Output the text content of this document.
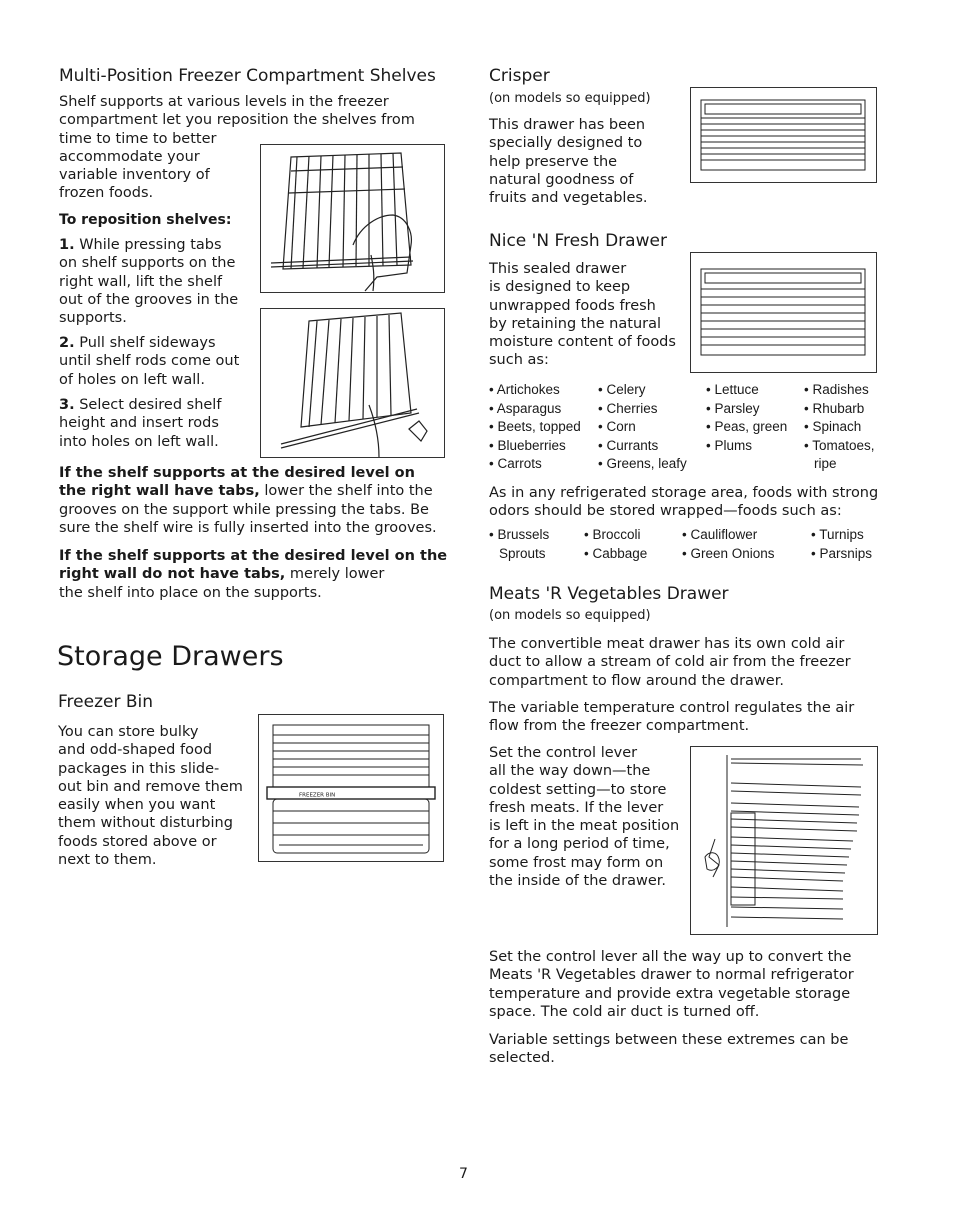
Multi-Position Freezer Compartment Shelves
Shelf supports at various levels in the freezer
compartment let you reposition the shelves from
time to time to better
accommodate your
variable inventory of
frozen foods.
To reposition shelves:
1. While pressing tabs
on shelf supports on the
right wall, lift the shelf
out of the grooves in the
supports.
2. Pull shelf sideways
until shelf rods come out
of holes on left wall.
3. Select desired shelf
height and insert rods
into holes on left wall.
If the shelf supports at the desired level on
the right wall have tabs, lower the shelf into the
grooves on the support while pressing the tabs. Be
sure the shelf wire is fully inserted into the grooves.
If the shelf supports at the desired level on the
right wall do not have tabs, merely lower
the shelf into place on the supports.
Storage Drawers
Freezer Bin
You can store bulky
and odd-shaped food
packages in this slide-
out bin and remove them
easily when you want
them without disturbing
foods stored above or
next to them.
FREEZER BIN
Crisper
(on models so equipped)
This drawer has been
specially designed to
help preserve the
natural goodness of
fruits and vegetables.
Nice 'N Fresh Drawer
This sealed drawer
is designed to keep
unwrapped foods fresh
by retaining the natural
moisture content of foods
such as:
• Artichokes
• Asparagus
• Beets, topped
• Blueberries
• Carrots
• Celery
• Cherries
• Corn
• Currants
• Greens, leafy
• Lettuce
• Parsley
• Peas, green
• Plums
• Radishes
• Rhubarb
• Spinach
• Tomatoes,
ripe
As in any refrigerated storage area, foods with strong
odors should be stored wrapped—foods such as:
• Brussels
Sprouts
• Broccoli
• Cabbage
• Cauliflower
• Green Onions
• Turnips
• Parsnips
Meats 'R Vegetables Drawer
(on models so equipped)
The convertible meat drawer has its own cold air
duct to allow a stream of cold air from the freezer
compartment to flow around the drawer.
The variable temperature control regulates the air
flow from the freezer compartment.
Set the control lever
all the way down—the
coldest setting—to store
fresh meats. If the lever
is left in the meat position
for a long period of time,
some frost may form on
the inside of the drawer.
Set the control lever all the way up to convert the
Meats 'R Vegetables drawer to normal refrigerator
temperature and provide extra vegetable storage
space. The cold air duct is turned off.
Variable settings between these extremes can be
selected.
7
